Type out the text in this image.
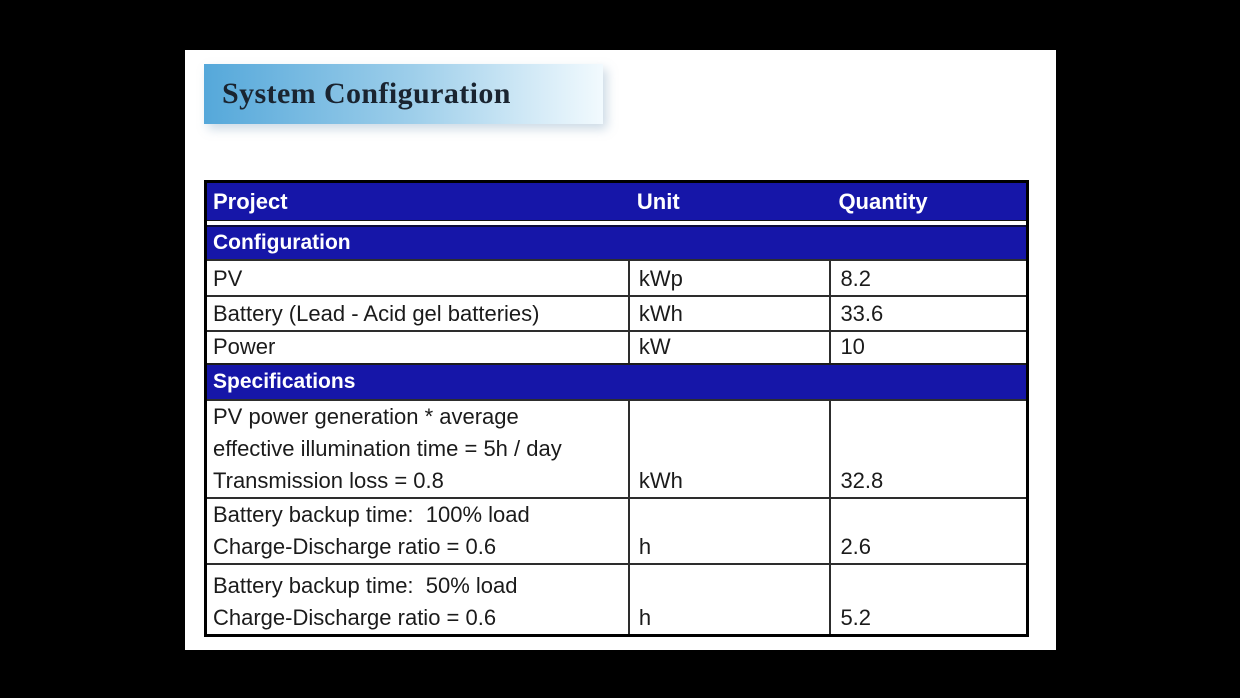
System Configuration
Project	Unit	Quantity
Configuration
PV	kWp	8.2
Battery (Lead - Acid gel batteries)	kWh	33.6
Power	kW	10
Specifications
PV power generation * average
effective illumination time = 5h / day
Transmission loss = 0.8	kWh	32.8
Battery backup time:  100% load
Charge-Discharge ratio = 0.6	h	2.6
Battery backup time:  50% load
Charge-Discharge ratio = 0.6	h	5.2
